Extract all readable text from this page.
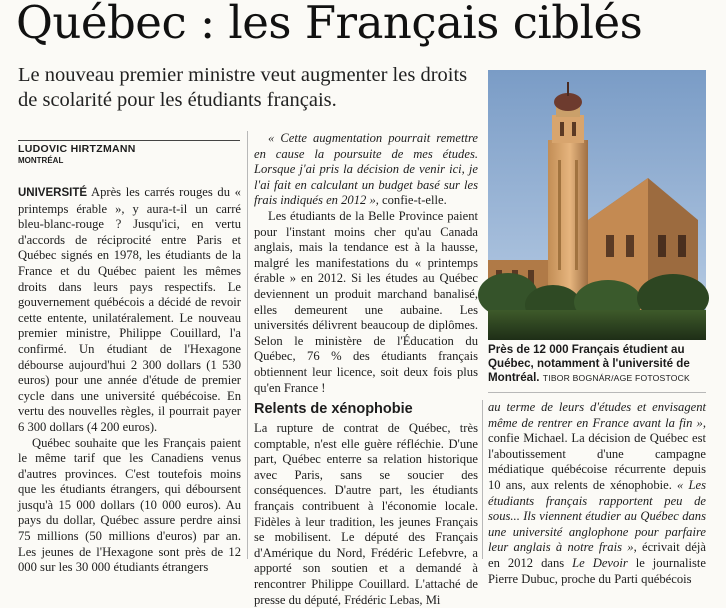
Québec : les Français ciblés

Le nouveau premier ministre veut augmenter les droits de scolarité pour les étudiants français.

LUDOVIC HIRTZMANN
MONTRÉAL

UNIVERSITÉ Après les carrés rouges du « printemps érable », y aura-t-il un carré bleu-blanc-rouge ? Jusqu'ici, en vertu d'accords de réciprocité entre Paris et Québec signés en 1978, les étudiants de la France et du Québec paient les mêmes droits dans leurs pays respectifs. Le gouvernement québécois a décidé de revoir cette entente, unilatéralement. Le nouveau premier ministre, Philippe Couillard, l'a confirmé. Un étudiant de l'Hexagone débourse aujourd'hui 2 300 dollars (1 530 euros) pour une année d'étude de premier cycle dans une université québécoise. En vertu des nouvelles règles, il pourrait payer 6 300 dollars (4 200 euros).

Québec souhaite que les Français paient le même tarif que les Canadiens venus d'autres provinces. C'est toutefois moins que les étudiants étrangers, qui déboursent jusqu'à 15 000 dollars (10 000 euros). Au pays du dollar, Québec assure perdre ainsi 75 millions (50 millions d'euros) par an. Les jeunes de l'Hexagone sont près de 12 000 sur les 30 000 étudiants étrangers

« Cette augmentation pourrait remettre en cause la poursuite de mes études. Lorsque j'ai pris la décision de venir ici, je l'ai fait en calculant un budget basé sur les frais indiqués en 2012 », confie-t-elle.

Les étudiants de la Belle Province paient pour l'instant moins cher qu'au Canada anglais, mais la tendance est à la hausse, malgré les manifestations du « printemps érable » en 2012. Si les études au Québec deviennent un produit marchand banalisé, elles demeurent une aubaine. Les universités délivrent beaucoup de diplômes. Selon le ministère de l'Éducation du Québec, 76 % des étudiants français obtiennent leur licence, soit deux fois plus qu'en France !

Relents de xénophobie

La rupture de contrat de Québec, très comptable, n'est elle guère réfléchie. D'une part, Québec enterre sa relation historique avec Paris, sans se soucier des conséquences. D'autre part, les étudiants français contribuent à l'économie locale. Fidèles à leur tradition, les jeunes Français se mobilisent. Le député des Français d'Amérique du Nord, Frédéric Lefebvre, a apporté son soutien et a demandé à rencontrer Philippe Couillard. L'attaché de presse du député, Frédéric Lebas, Mi

Près de 12 000 Français étudient au Québec, notamment à l'université de Montréal. TIBOR BOGNÁR/AGE FOTOSTOCK

au terme de leurs d'études et envisagent même de rentrer en France avant la fin », confie Michael. La décision de Québec est l'aboutissement d'une campagne médiatique québécoise récurrente depuis 10 ans, aux relents de xénophobie. « Les étudiants français rapportent peu de sous... Ils viennent étudier au Québec dans une université anglophone pour parfaire leur anglais à notre frais », écrivait déjà en 2012 dans Le Devoir le journaliste Pierre Dubuc, proche du Parti québécois
